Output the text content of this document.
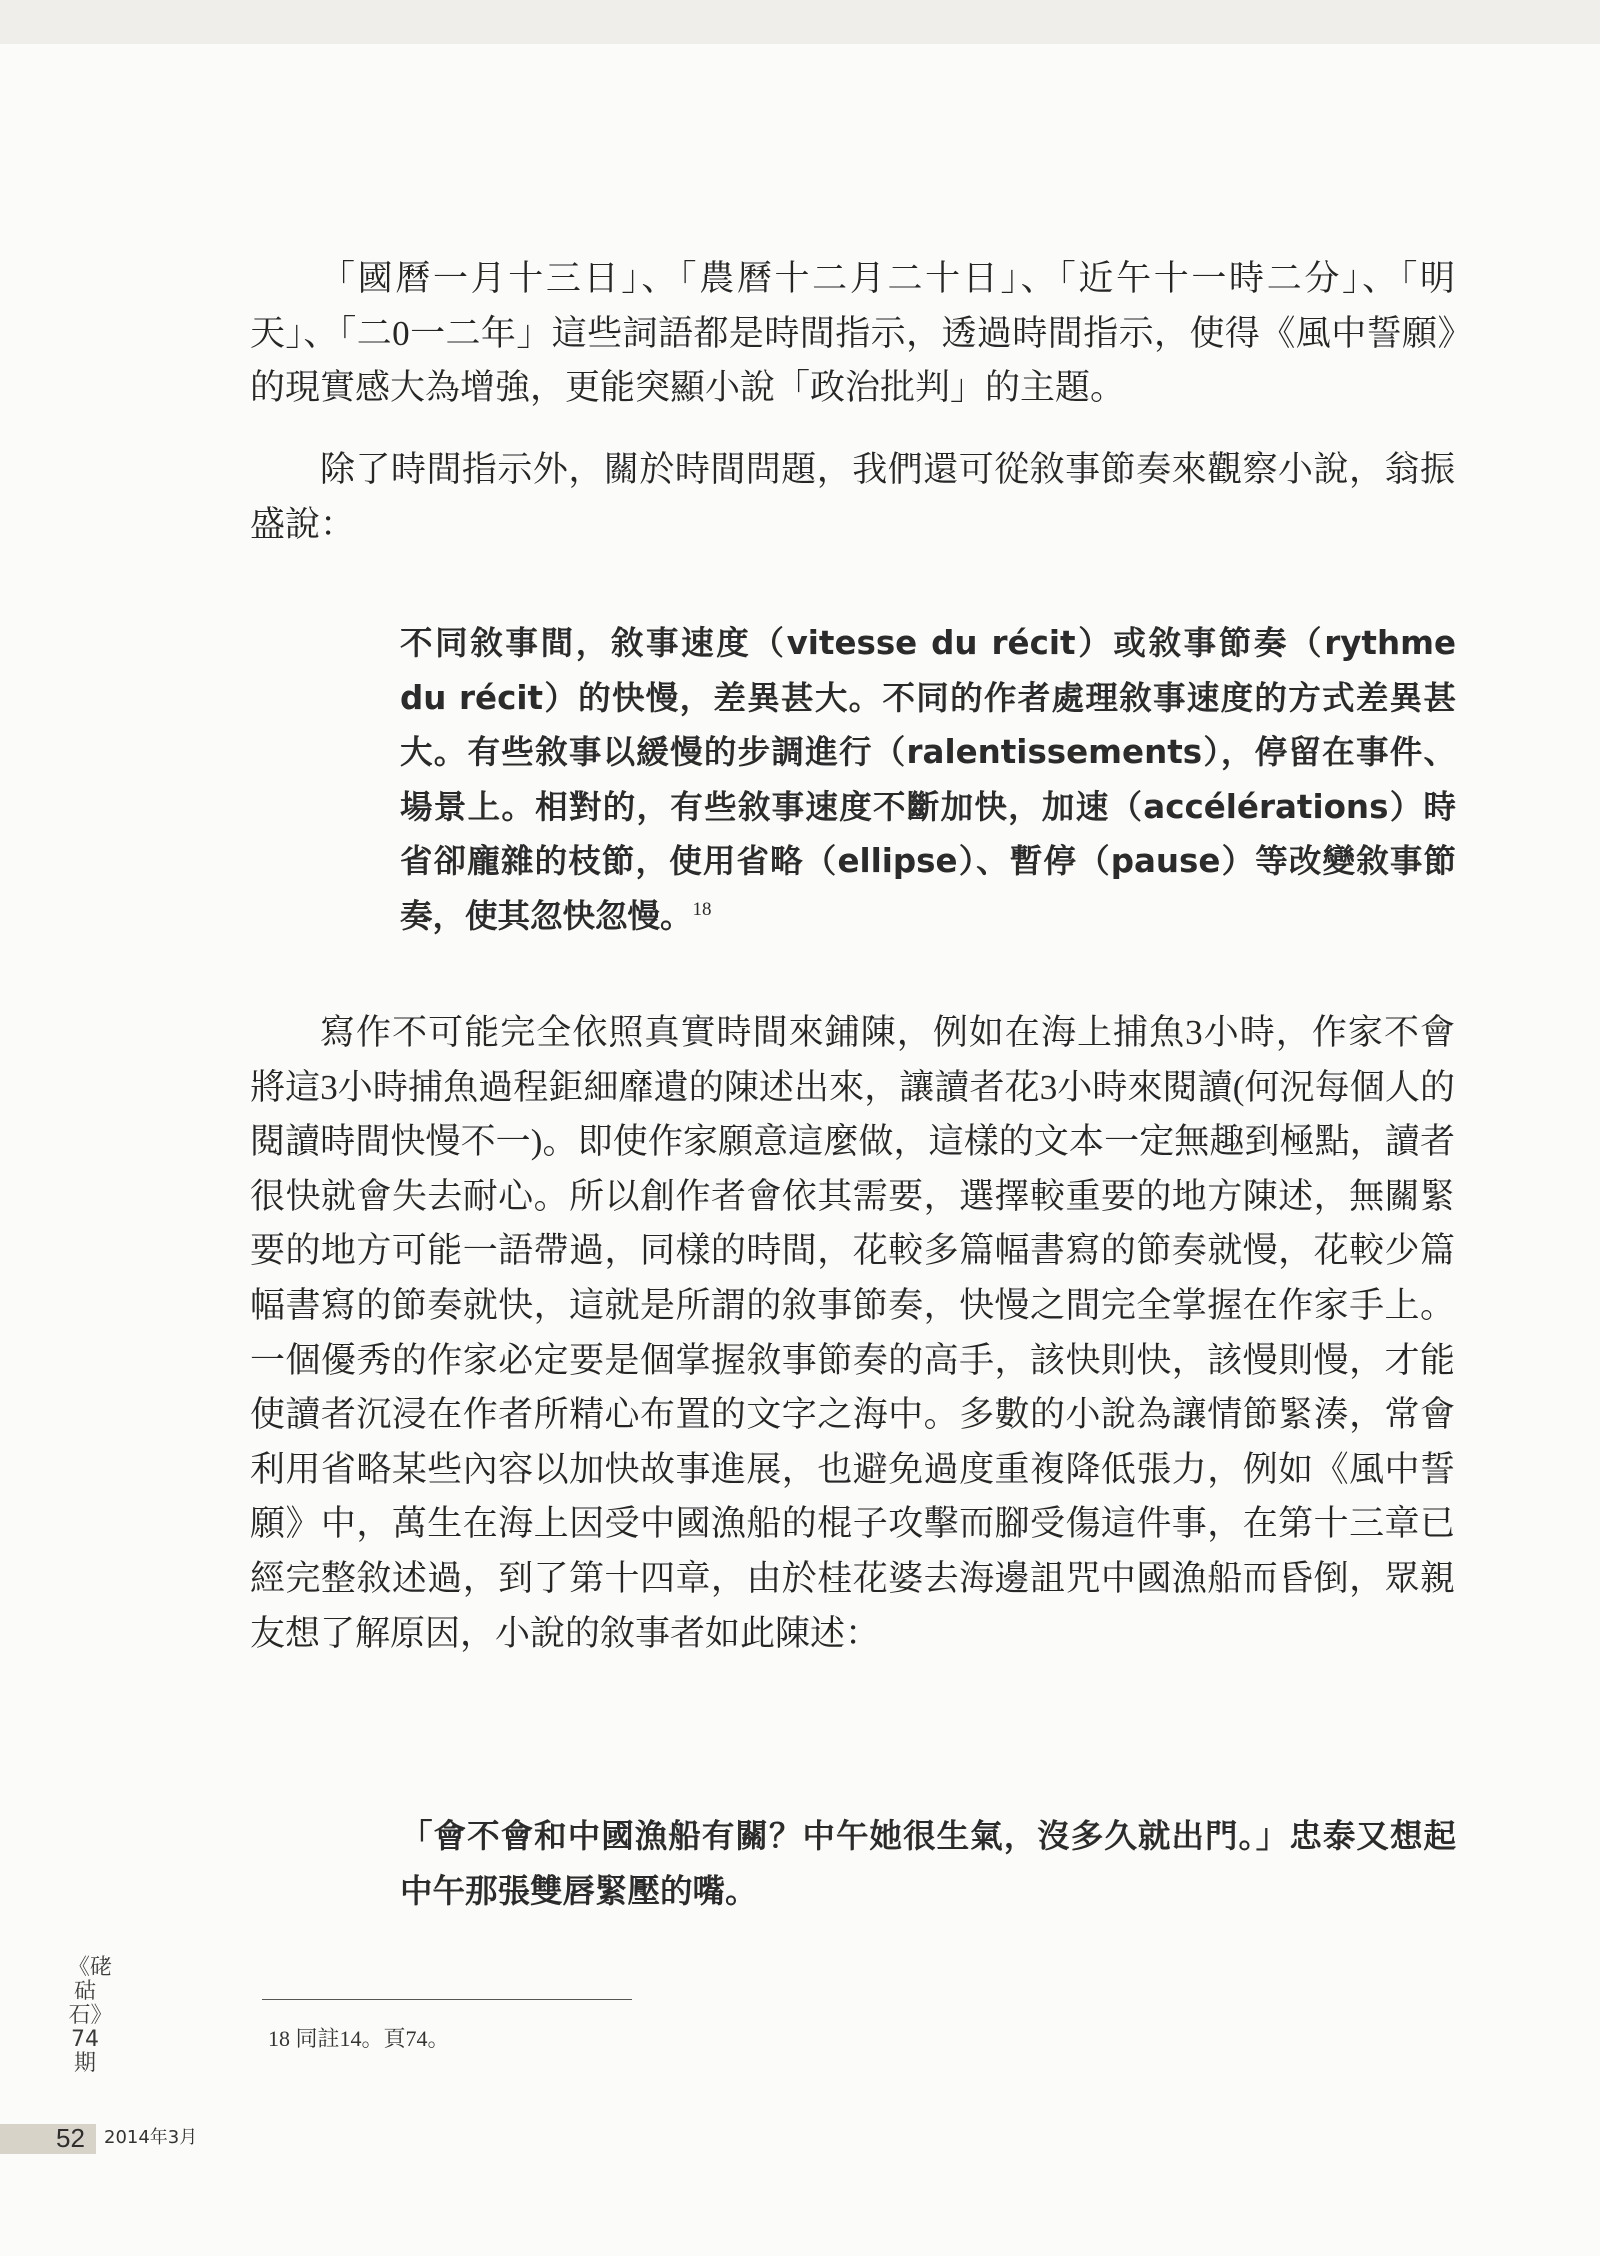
「國曆一月十三日」、「農曆十二月二十日」、「近午十一時二分」、「明天」、「二0一二年」這些詞語都是時間指示，透過時間指示，使得《風中誓願》的現實感大為增強，更能突顯小說「政治批判」的主題。

除了時間指示外，關於時間問題，我們還可從敘事節奏來觀察小說，翁振盛說：

不同敘事間，敘事速度（vitesse du récit）或敘事節奏（rythme du récit）的快慢，差異甚大。不同的作者處理敘事速度的方式差異甚大。有些敘事以緩慢的步調進行（ralentissements），停留在事件、場景上。相對的，有些敘事速度不斷加快，加速（accélérations）時省卻龐雜的枝節，使用省略（ellipse）、暫停（pause）等改變敘事節奏，使其忽快忽慢。$^{18}$

寫作不可能完全依照真實時間來鋪陳，例如在海上捕魚3小時，作家不會將這3小時捕魚過程鉅細靡遺的陳述出來，讓讀者花3小時來閱讀(何況每個人的閱讀時間快慢不一)。即使作家願意這麼做，這樣的文本一定無趣到極點，讀者很快就會失去耐心。所以創作者會依其需要，選擇較重要的地方陳述，無關緊要的地方可能一語帶過，同樣的時間，花較多篇幅書寫的節奏就慢，花較少篇幅書寫的節奏就快，這就是所謂的敘事節奏，快慢之間完全掌握在作家手上。一個優秀的作家必定要是個掌握敘事節奏的高手，該快則快，該慢則慢，才能使讀者沉浸在作者所精心布置的文字之海中。多數的小說為讓情節緊湊，常會利用省略某些內容以加快故事進展，也避免過度重複降低張力，例如《風中誓願》中，萬生在海上因受中國漁船的棍子攻擊而腳受傷這件事，在第十三章已經完整敘述過，到了第十四章，由於桂花婆去海邊詛咒中國漁船而昏倒，眾親友想了解原因，小說的敘事者如此陳述：

「會不會和中國漁船有關？中午她很生氣，沒多久就出門。」忠泰又想起中午那張雙唇緊壓的嘴。

18 同註14。頁74。
《硓𥑮石》74期
52 2014年3月
